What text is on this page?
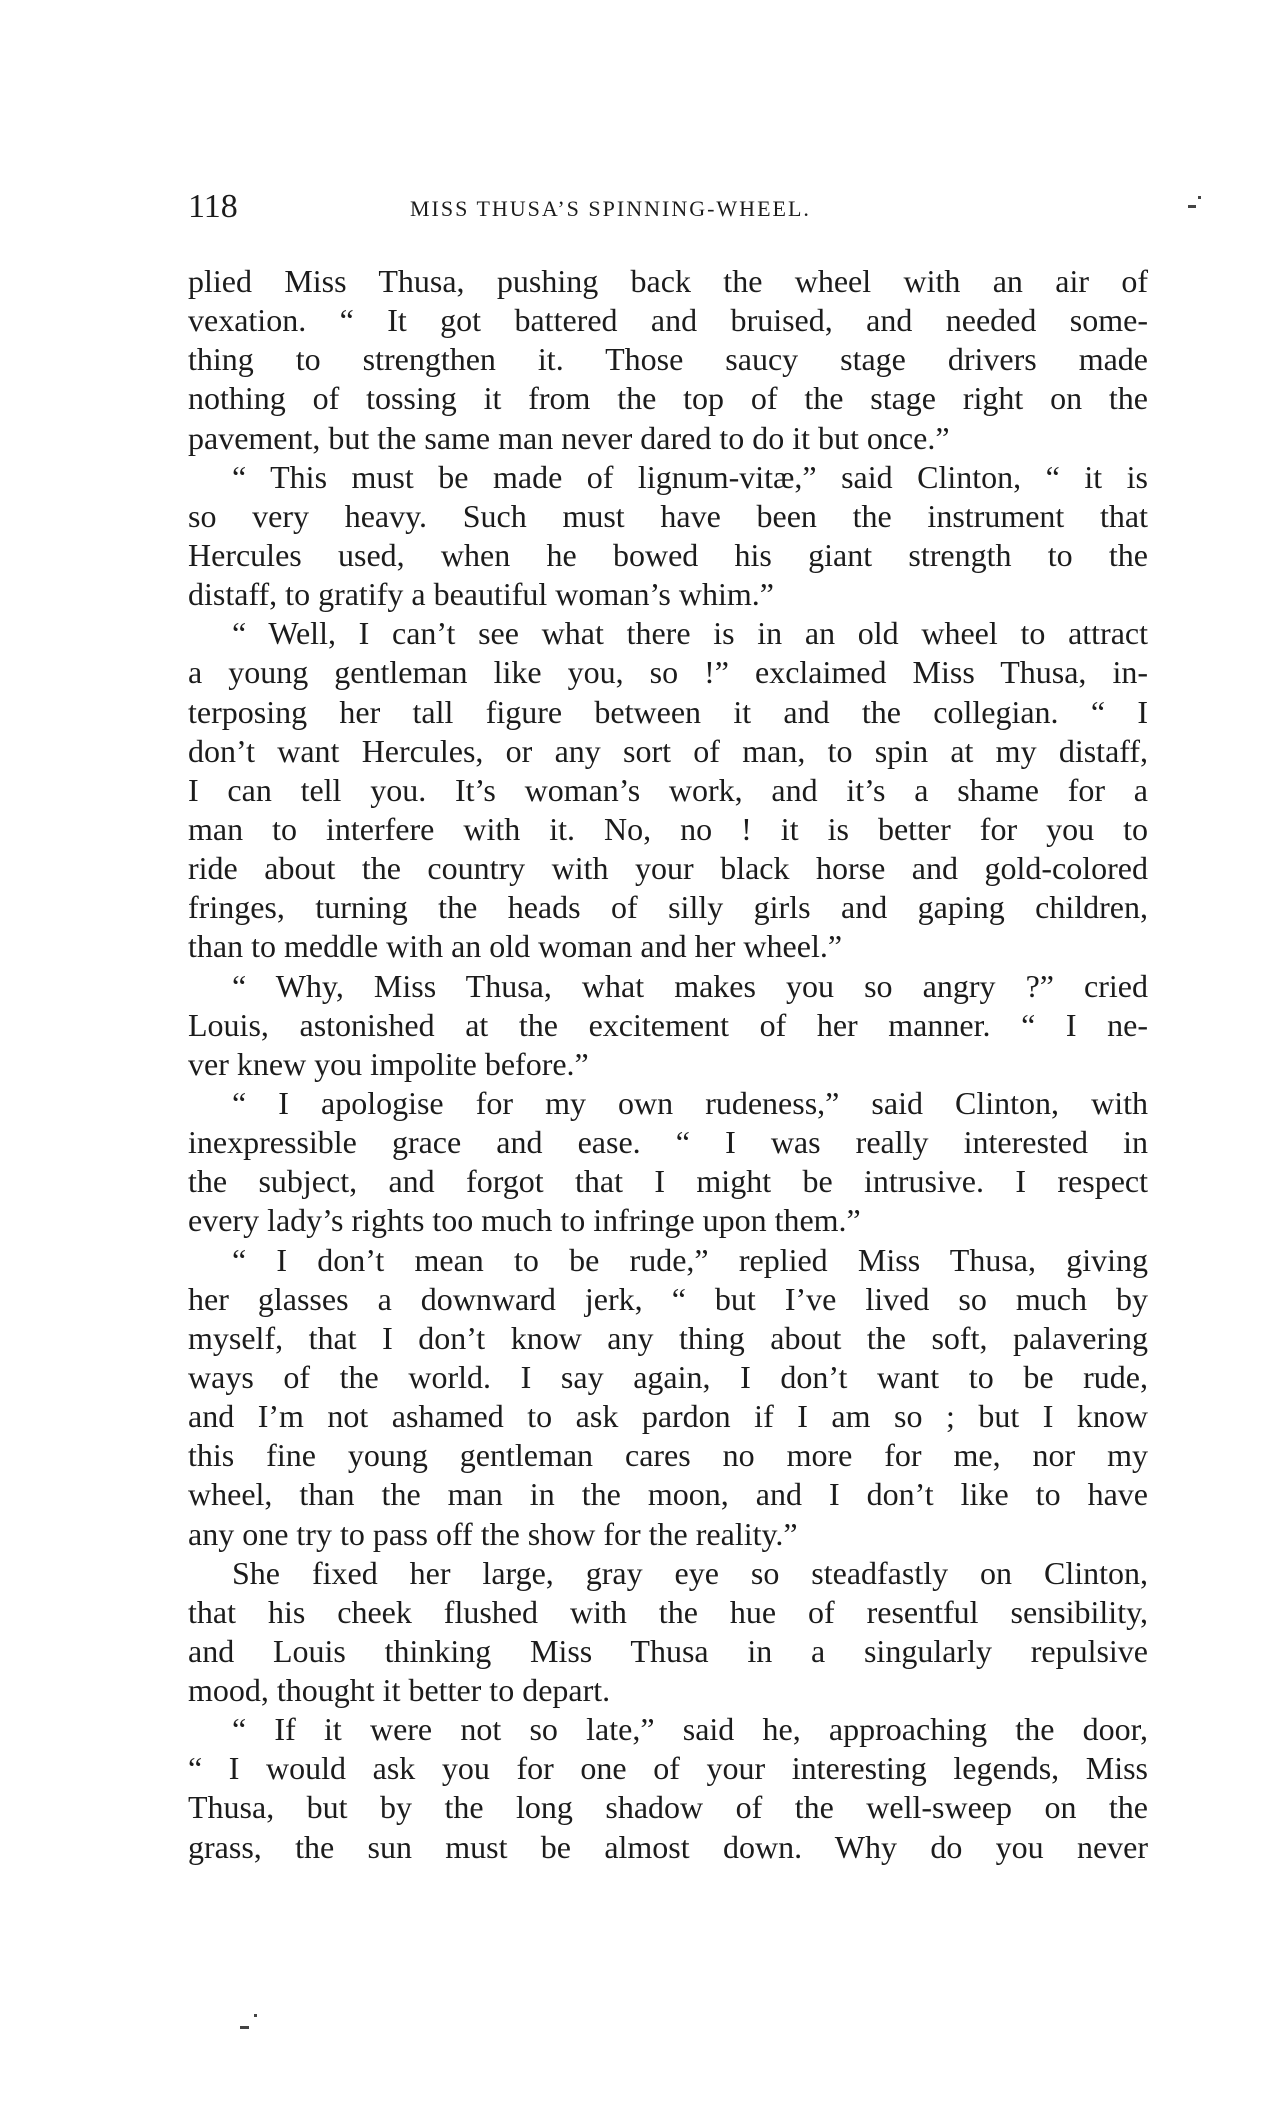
118	MISS THUSA’S SPINNING-WHEEL.
plied Miss Thusa, pushing back the wheel with an air of
vexation. “ It got battered and bruised, and needed some-
thing to strengthen it. Those saucy stage drivers made
nothing of tossing it from the top of the stage right on the
pavement, but the same man never dared to do it but once.”
“ This must be made of lignum-vitæ,” said Clinton, “ it is
so very heavy. Such must have been the instrument that
Hercules used, when he bowed his giant strength to the
distaff, to gratify a beautiful woman’s whim.”
“ Well, I can’t see what there is in an old wheel to attract
a young gentleman like you, so !” exclaimed Miss Thusa, in-
terposing her tall figure between it and the collegian. “ I
don’t want Hercules, or any sort of man, to spin at my distaff,
I can tell you. It’s woman’s work, and it’s a shame for a
man to interfere with it. No, no ! it is better for you to
ride about the country with your black horse and gold-colored
fringes, turning the heads of silly girls and gaping children,
than to meddle with an old woman and her wheel.”
“ Why, Miss Thusa, what makes you so angry ?” cried
Louis, astonished at the excitement of her manner. “ I ne-
ver knew you impolite before.”
“ I apologise for my own rudeness,” said Clinton, with
inexpressible grace and ease. “ I was really interested in
the subject, and forgot that I might be intrusive. I respect
every lady’s rights too much to infringe upon them.”
“ I don’t mean to be rude,” replied Miss Thusa, giving
her glasses a downward jerk, “ but I’ve lived so much by
myself, that I don’t know any thing about the soft, palavering
ways of the world. I say again, I don’t want to be rude,
and I’m not ashamed to ask pardon if I am so ; but I know
this fine young gentleman cares no more for me, nor my
wheel, than the man in the moon, and I don’t like to have
any one try to pass off the show for the reality.”
She fixed her large, gray eye so steadfastly on Clinton,
that his cheek flushed with the hue of resentful sensibility,
and Louis thinking Miss Thusa in a singularly repulsive
mood, thought it better to depart.
“ If it were not so late,” said he, approaching the door,
“ I would ask you for one of your interesting legends, Miss
Thusa, but by the long shadow of the well-sweep on the
grass, the sun must be almost down. Why do you never
